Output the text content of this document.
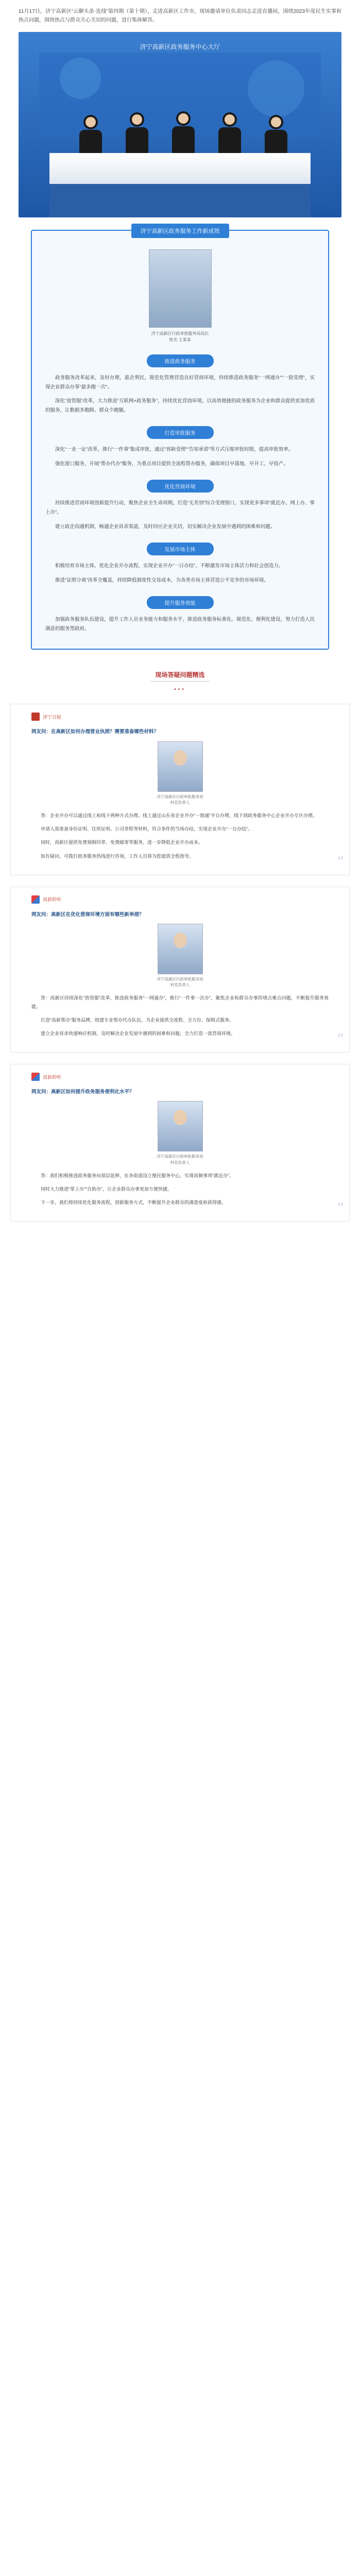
11月17日，济宁高新区“云聊头条·连线”第四期（第十期），走进高新区工作市，现场邀请单位负责同志走进直播间，围绕2023年度民生实事和热点问题，围绕热点与群众关心关切的问题，进行集体解答。

济宁高新区政务服务中心大厅
济宁高新区政务服务工作新成效
济宁高新区行政审批服务局局长
姓名 王某某
推进政务服务

政务服务改革起来，及时办理，惠企利民，规范化管理营造良好营商环境，持续推进政务服务“一网通办”“一窗受理”，实现企业群众办事“最多跑一次”。

深化“放管服”改革，大力推进“互联网+政务服务”，持续优化营商环境，以高效便捷的政务服务为企业和群众提供更加优质的服务，让数据多跑路、群众少跑腿。

打造审批服务

深化“一业一证”改革，推行“一件事”集成审批，通过“容缺受理”“告知承诺”等方式压缩审批时限，提高审批效率。

强化窗口服务，开展“帮办代办”服务，为重点项目提供全流程帮办服务，确保项目早落地、早开工、早投产。

优化营商环境

持续推进营商环境创新提升行动，聚焦企业全生命周期，打造“无差别”综合受理窗口，实现更多事项“就近办、网上办、掌上办”。

建立政企沟通机制，畅通企业诉求渠道，及时回应企业关切，切实解决企业发展中遇到的困难和问题。

发展市场主体

积极培育市场主体，优化企业开办流程，实现企业开办“一日办结”，不断激发市场主体活力和社会创造力。

推进“证照分离”改革全覆盖，持续降低制度性交易成本，为各类市场主体营造公平竞争的市场环境。

提升服务效能

加强政务服务队伍建设，提升工作人员业务能力和服务水平，推进政务服务标准化、规范化、便利化建设，努力打造人民满意的服务型政府。

现场答疑问题精选
•••
济宁日报
网友问：在高新区如何办理营业执照？需要准备哪些材料？
济宁高新区行政审批服务局
科室负责人

答：企业开办可以通过线上和线下两种方式办理。线上通过山东省企业开办“一窗通”平台办理，线下到政务服务中心企业开办专区办理。

申请人需准备身份证明、住所证明、公司章程等材料，符合条件的当场办结，实现企业开办“一日办结”。

同时，高新区提供免费刻制印章、免费邮寄等服务，进一步降低企业开办成本。

如有疑问，可拨打政务服务热线进行咨询，工作人员将为您提供全程指导。	”
高新聆听
网友问：高新区在优化营商环境方面有哪些新举措？
济宁高新区行政审批服务局
科室负责人

答：高新区持续深化“放管服”改革，推进政务服务“一网通办”，推行“一件事一次办”，聚焦企业和群众办事的堵点难点问题，不断提升服务效能。

打造“高新帮办”服务品牌，组建专业帮办代办队伍，为企业提供全流程、全方位、保姆式服务。

建立企业诉求快速响应机制，及时解决企业发展中遇到的困难和问题，全力打造一流营商环境。	”
高新聆听
网友问：高新区如何提升政务服务便利化水平？
济宁高新区行政审批服务局
科室负责人

答：我们积极推进政务服务向基层延伸，在各街道设立便民服务中心，实现高频事项“就近办”。

同时大力推进“掌上办”“自助办”，让企业群众办事更加方便快捷。

下一步，我们将持续优化服务流程，创新服务方式，不断提升企业群众的满意度和获得感。	”
